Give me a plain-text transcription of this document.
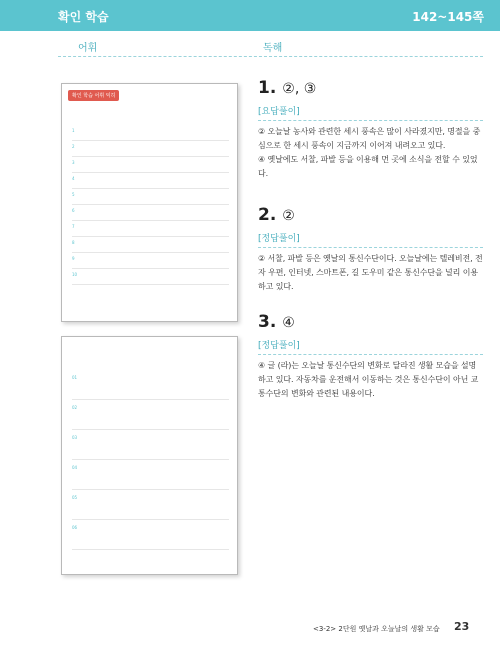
확인 학습	142~145쪽
어휘	독해
확인 학습 어휘 익히
1
2
3
4
5
6
7
8
9
10
01
02
03
04
05
06
1. ②, ③
[요답풀이]
② 오늘날 농사와 관련한 세시 풍속은 많이 사라졌지만, 명절을 중심으로 한 세시 풍속이 지금까지 이어져 내려오고 있다.
④ 옛날에도 서찰, 파발 등을 이용해 먼 곳에 소식을 전할 수 있었다.
2. ②
[정답풀이]
② 서찰, 파발 등은 옛날의 통신수단이다. 오늘날에는 텔레비전, 전자 우편, 인터넷, 스마트폰, 길 도우미 같은 통신수단을 널리 이용하고 있다.
3. ④
[정답풀이]
④ 글 (라)는 오늘날 통신수단의 변화로 달라진 생활 모습을 설명하고 있다. 자동차를 운전해서 이동하는 것은 통신수단이 아닌 교통수단의 변화와 관련된 내용이다.
<3-2> 2단원 옛날과 오늘날의 생활 모습 23
